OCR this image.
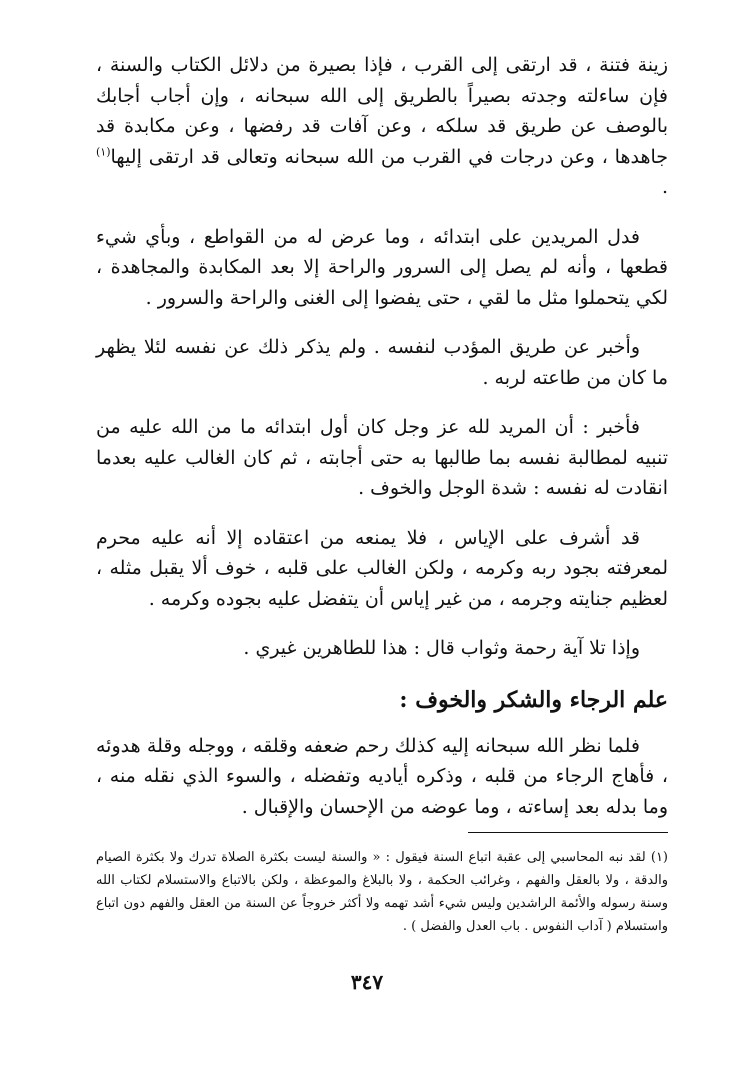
زينة فتنة ، قد ارتقى إلى القرب ، فإذا بصيرة من دلائل الكتاب والسنة ، فإن ساءلته وجدته بصيراً بالطريق إلى الله سبحانه ، وإن أجاب أجابك بالوصف عن طريق قد سلكه ، وعن آفات قد رفضها ، وعن مكابدة قد جاهدها ، وعن درجات في القرب من الله سبحانه وتعالى قد ارتقى إليها$^{(١)}$ .

فدل المريدين على ابتدائه ، وما عرض له من القواطع ، وبأي شيء قطعها ، وأنه لم يصل إلى السرور والراحة إلا بعد المكابدة والمجاهدة ، لكي يتحملوا مثل ما لقي ، حتى يفضوا إلى الغنى والراحة والسرور .

وأخبر عن طريق المؤدب لنفسه . ولم يذكر ذلك عن نفسه لئلا يظهر ما كان من طاعته لربه .

فأخبر : أن المريد لله عز وجل كان أول ابتدائه ما من الله عليه من تنبيه لمطالبة نفسه بما طالبها به حتى أجابته ، ثم كان الغالب عليه بعدما انقادت له نفسه : شدة الوجل والخوف .

قد أشرف على الإياس ، فلا يمنعه من اعتقاده إلا أنه عليه محرم لمعرفته بجود ربه وكرمه ، ولكن الغالب على قلبه ، خوف ألا يقبل مثله ، لعظيم جنايته وجرمه ، من غير إياس أن يتفضل عليه بجوده وكرمه .

وإذا تلا آية رحمة وثواب قال : هذا للطاهرين غيري .

علم الرجاء والشكر والخوف :

فلما نظر الله سبحانه إليه كذلك رحم ضعفه وقلقه ، ووجله وقلة هدوئه ، فأهاج الرجاء من قلبه ، وذكره أياديه وتفضله ، والسوء الذي نقله منه ، وما بدله بعد إساءته ، وما عوضه من الإحسان والإقبال .

(١) لقد نبه المحاسبي إلى عقبة اتباع السنة فيقول : « والسنة ليست بكثرة الصلاة تدرك ولا بكثرة الصيام والدقة ، ولا بالعقل والفهم ، وغرائب الحكمة ، ولا بالبلاغ والموعظة ، ولكن بالاتباع والاستسلام لكتاب الله وسنة رسوله والأئمة الراشدين وليس شيء أشد تهمه ولا أكثر خروجاً عن السنة من العقل والفهم دون اتباع واستسلام ( آداب النفوس . باب العدل والفضل ) .
٣٤٧
